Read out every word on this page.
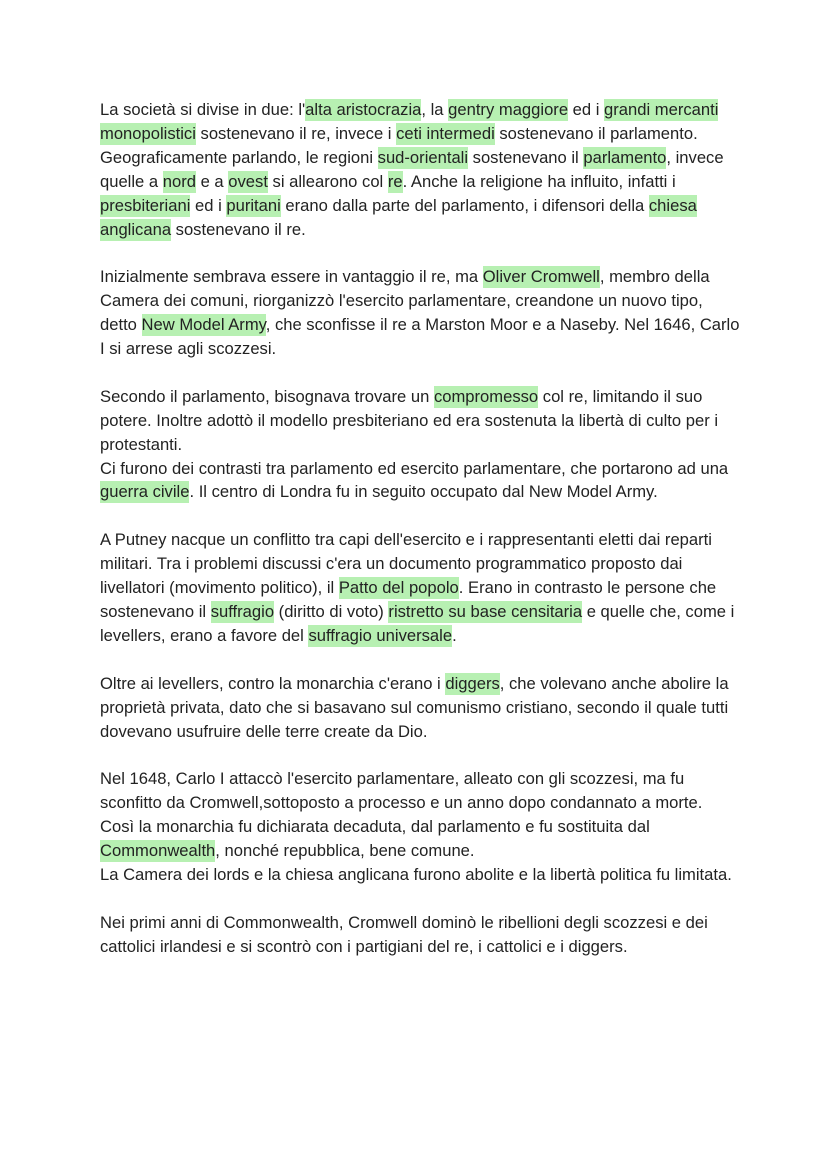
La società si divise in due: l'alta aristocrazia, la gentry maggiore ed i grandi mercanti monopolistici sostenevano il re, invece i ceti intermedi sostenevano il parlamento.

Geograficamente parlando, le regioni sud-orientali sostenevano il parlamento, invece quelle a nord e a ovest si allearono col re. Anche la religione ha influito, infatti i presbiteriani ed i puritani erano dalla parte del parlamento, i difensori della chiesa anglicana sostenevano il re.

Inizialmente sembrava essere in vantaggio il re, ma Oliver Cromwell, membro della Camera dei comuni, riorganizzò l'esercito parlamentare, creandone un nuovo tipo, detto New Model Army, che sconfisse il re a Marston Moor e a Naseby. Nel 1646, Carlo I si arrese agli scozzesi.

Secondo il parlamento, bisognava trovare un compromesso col re, limitando il suo potere. Inoltre adottò il modello presbiteriano ed era sostenuta la libertà di culto per i protestanti.

Ci furono dei contrasti tra parlamento ed esercito parlamentare, che portarono ad una guerra civile. Il centro di Londra fu in seguito occupato dal New Model Army.

A Putney nacque un conflitto tra capi dell'esercito e i rappresentanti eletti dai reparti militari. Tra i problemi discussi c'era un documento programmatico proposto dai livellatori (movimento politico), il Patto del popolo. Erano in contrasto le persone che sostenevano il suffragio (diritto di voto) ristretto su base censitaria e quelle che, come i levellers, erano a favore del suffragio universale.

Oltre ai levellers, contro la monarchia c'erano i diggers, che volevano anche abolire la proprietà privata, dato che si basavano sul comunismo cristiano, secondo il quale tutti dovevano usufruire delle terre create da Dio.

Nel 1648, Carlo I attaccò l'esercito parlamentare, alleato con gli scozzesi, ma fu sconfitto da Cromwell,sottoposto a processo e un anno dopo condannato a morte. Così la monarchia fu dichiarata decaduta, dal parlamento e fu sostituita dal Commonwealth, nonché repubblica, bene comune.

La Camera dei lords e la chiesa anglicana furono abolite e la libertà politica fu limitata.

Nei primi anni di Commonwealth, Cromwell dominò le ribellioni degli scozzesi e dei cattolici irlandesi e si scontrò con i partigiani del re, i cattolici e i diggers.
